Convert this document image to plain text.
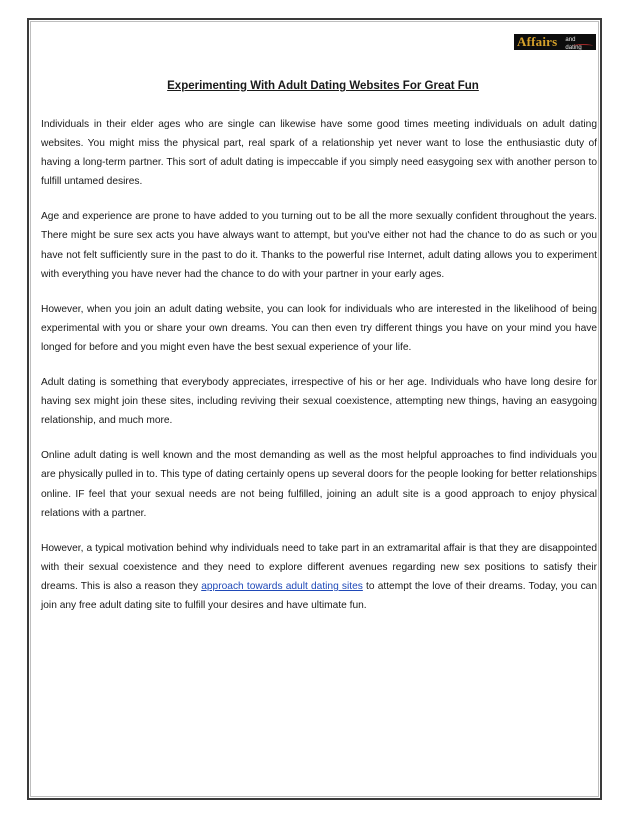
Affairs and dating
Experimenting With Adult Dating Websites For Great Fun

Individuals in their elder ages who are single can likewise have some good times meeting individuals on adult dating websites. You might miss the physical part, real spark of a relationship yet never want to lose the enthusiastic duty of having a long-term partner. This sort of adult dating is impeccable if you simply need easygoing sex with another person to fulfill untamed desires.

Age and experience are prone to have added to you turning out to be all the more sexually confident throughout the years. There might be sure sex acts you have always want to attempt, but you've either not had the chance to do as such or you have not felt sufficiently sure in the past to do it. Thanks to the powerful rise Internet, adult dating allows you to experiment with everything you have never had the chance to do with your partner in your early ages.

However, when you join an adult dating website, you can look for individuals who are interested in the likelihood of being experimental with you or share your own dreams. You can then even try different things you have on your mind you have longed for before and you might even have the best sexual experience of your life.

Adult dating is something that everybody appreciates, irrespective of his or her age. Individuals who have long desire for having sex might join these sites, including reviving their sexual coexistence, attempting new things, having an easygoing relationship, and much more.

Online adult dating is well known and the most demanding as well as the most helpful approaches to find individuals you are physically pulled in to. This type of dating certainly opens up several doors for the people looking for better relationships online. IF feel that your sexual needs are not being fulfilled, joining an adult site is a good approach to enjoy physical relations with a partner.

However, a typical motivation behind why individuals need to take part in an extramarital affair is that they are disappointed with their sexual coexistence and they need to explore different avenues regarding new sex positions to satisfy their dreams. This is also a reason they approach towards adult dating sites to attempt the love of their dreams. Today, you can join any free adult dating site to fulfill your desires and have ultimate fun.
